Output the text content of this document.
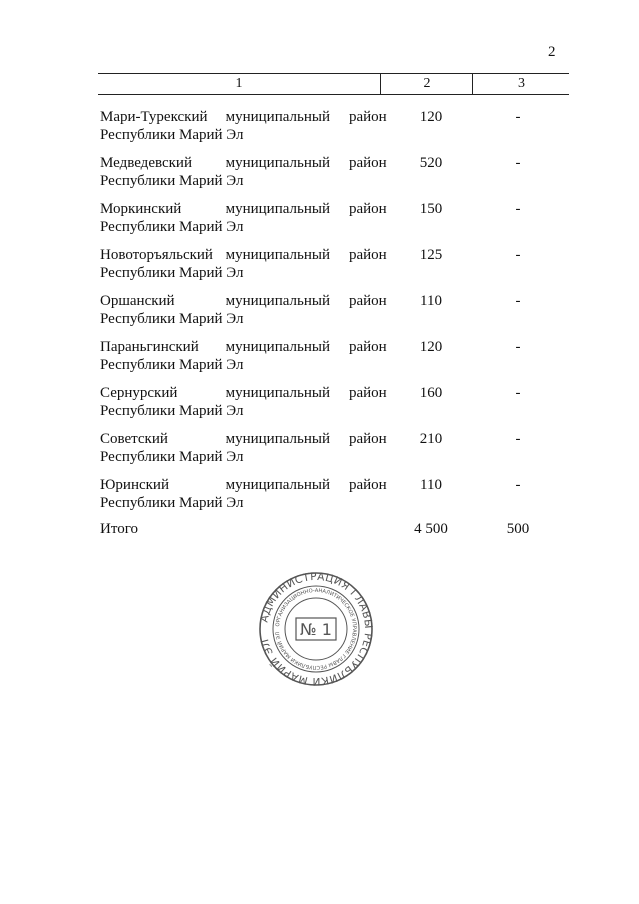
2
1	2	3
Мари-Турекский муниципальный район
Республики Марий Эл
120	-
Медведевский муниципальный район
Республики Марий Эл
520	-
Моркинский	муниципальный район
Республики Марий Эл
150	-
Новоторъяльский муниципальный район
Республики Марий Эл
125	-
Оршанский	муниципальный район
Республики Марий Эл
110	-
Параньгинский муниципальный район
Республики Марий Эл
120	-
Сернурский	муниципальный район
Республики Марий Эл
160	-
Советский	муниципальный район
Республики Марий Эл
210	-
Юринский	муниципальный район
Республики Марий Эл
110	-
Итого	4 500	500
АДМИНИСТРАЦИЯ ГЛАВЫ РЕСПУБЛИКИ МАРИЙ ЭЛ
ОРГАНИЗАЦИОННО-АНАЛИТИЧЕСКОЕ УПРАВЛЕНИЕ ГЛАВЫ РЕСПУБЛИКИ МАРИЙ ЭЛ	№ 1
